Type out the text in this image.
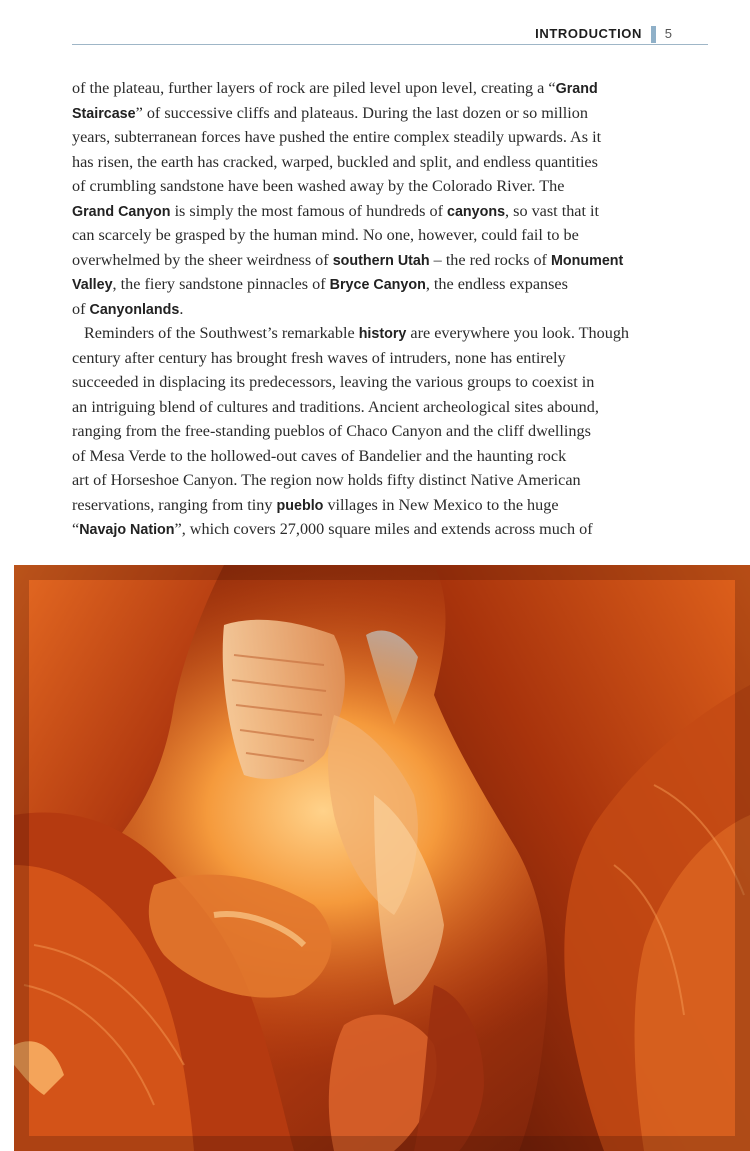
INTRODUCTION 5
of the plateau, further layers of rock are piled level upon level, creating a “Grand
Staircase” of successive cliffs and plateaus. During the last dozen or so million
years, subterranean forces have pushed the entire complex steadily upwards. As it
has risen, the earth has cracked, warped, buckled and split, and endless quantities
of crumbling sandstone have been washed away by the Colorado River. The
Grand Canyon is simply the most famous of hundreds of canyons, so vast that it
can scarcely be grasped by the human mind. No one, however, could fail to be
overwhelmed by the sheer weirdness of southern Utah – the red rocks of Monument
Valley, the fiery sandstone pinnacles of Bryce Canyon, the endless expanses
of Canyonlands.
Reminders of the Southwest’s remarkable history are everywhere you look. Though
century after century has brought fresh waves of intruders, none has entirely
succeeded in displacing its predecessors, leaving the various groups to coexist in
an intriguing blend of cultures and traditions. Ancient archeological sites abound,
ranging from the free-standing pueblos of Chaco Canyon and the cliff dwellings
of Mesa Verde to the hollowed-out caves of Bandelier and the haunting rock
art of Horseshoe Canyon. The region now holds fifty distinct Native American
reservations, ranging from tiny pueblo villages in New Mexico to the huge
“Navajo Nation”, which covers 27,000 square miles and extends across much of
